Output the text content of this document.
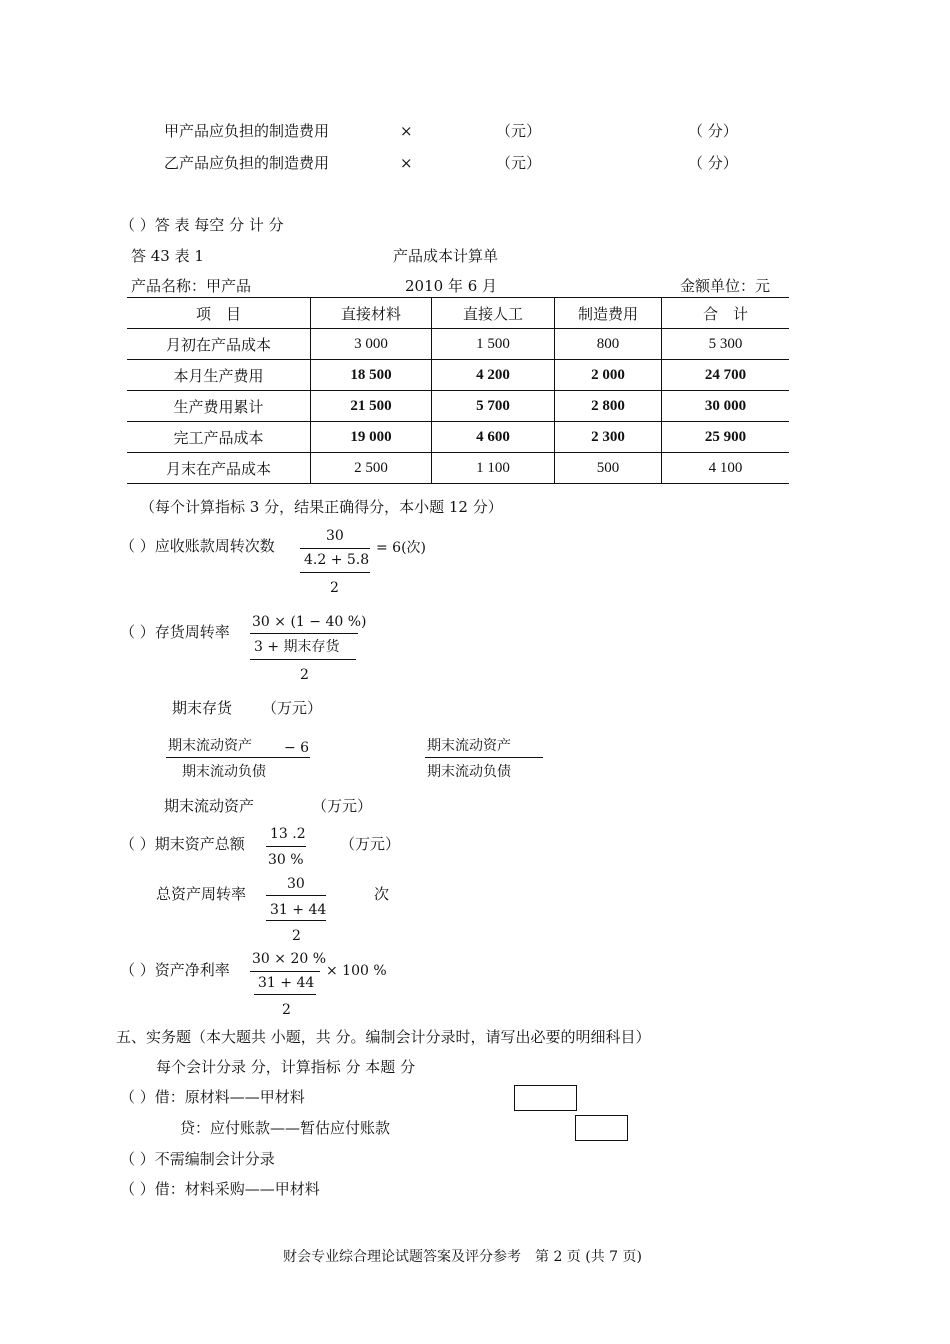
甲产品应负担的制造费用	×	（元）	（ 分）
乙产品应负担的制造费用	×	（元）	（ 分）
（ ）答 表 每空 分 计 分
答 43 表 1	产品成本计算单
产品名称：甲产品	2010 年 6 月	金额单位：元
项　目	直接材料	直接人工	制造费用	合　计
月初在产品成本	3 000	1 500	800	5 300
本月生产费用	18 500	4 200	2 000	24 700
生产费用累计	21 500	5 700	2 800	30 000
完工产品成本	19 000	4 600	2 300	25 900
月末在产品成本	2 500	1 100	500	4 100
（每个计算指标 3 分，结果正确得分，本小题 12 分）
（ ）应收账款周转次数
30
4.2 + 5.8
2
= 6(次)
（ ）存货周转率
30 × (1 − 40 %)
3 + 期末存货
2
期末存货 （万元）
期末流动资产 − 6
期末流动负债
期末流动资产
期末流动负债
期末流动资产	（万元）
（ ）期末资产总额
13 .2
30 %
（万元）
总资产周转率
30
31 + 44
2
次
（ ）资产净利率
30 × 20 %
31 + 44
2
× 100 %
五、实务题（本大题共 小题，共 分。编制会计分录时，请写出必要的明细科目）
每个会计分录 分，计算指标 分 本题 分
（ ）借：原材料——甲材料
贷：应付账款——暂估应付账款
（ ）不需编制会计分录
（ ）借：材料采购——甲材料
财会专业综合理论试题答案及评分参考　第 2 页 (共 7 页)
